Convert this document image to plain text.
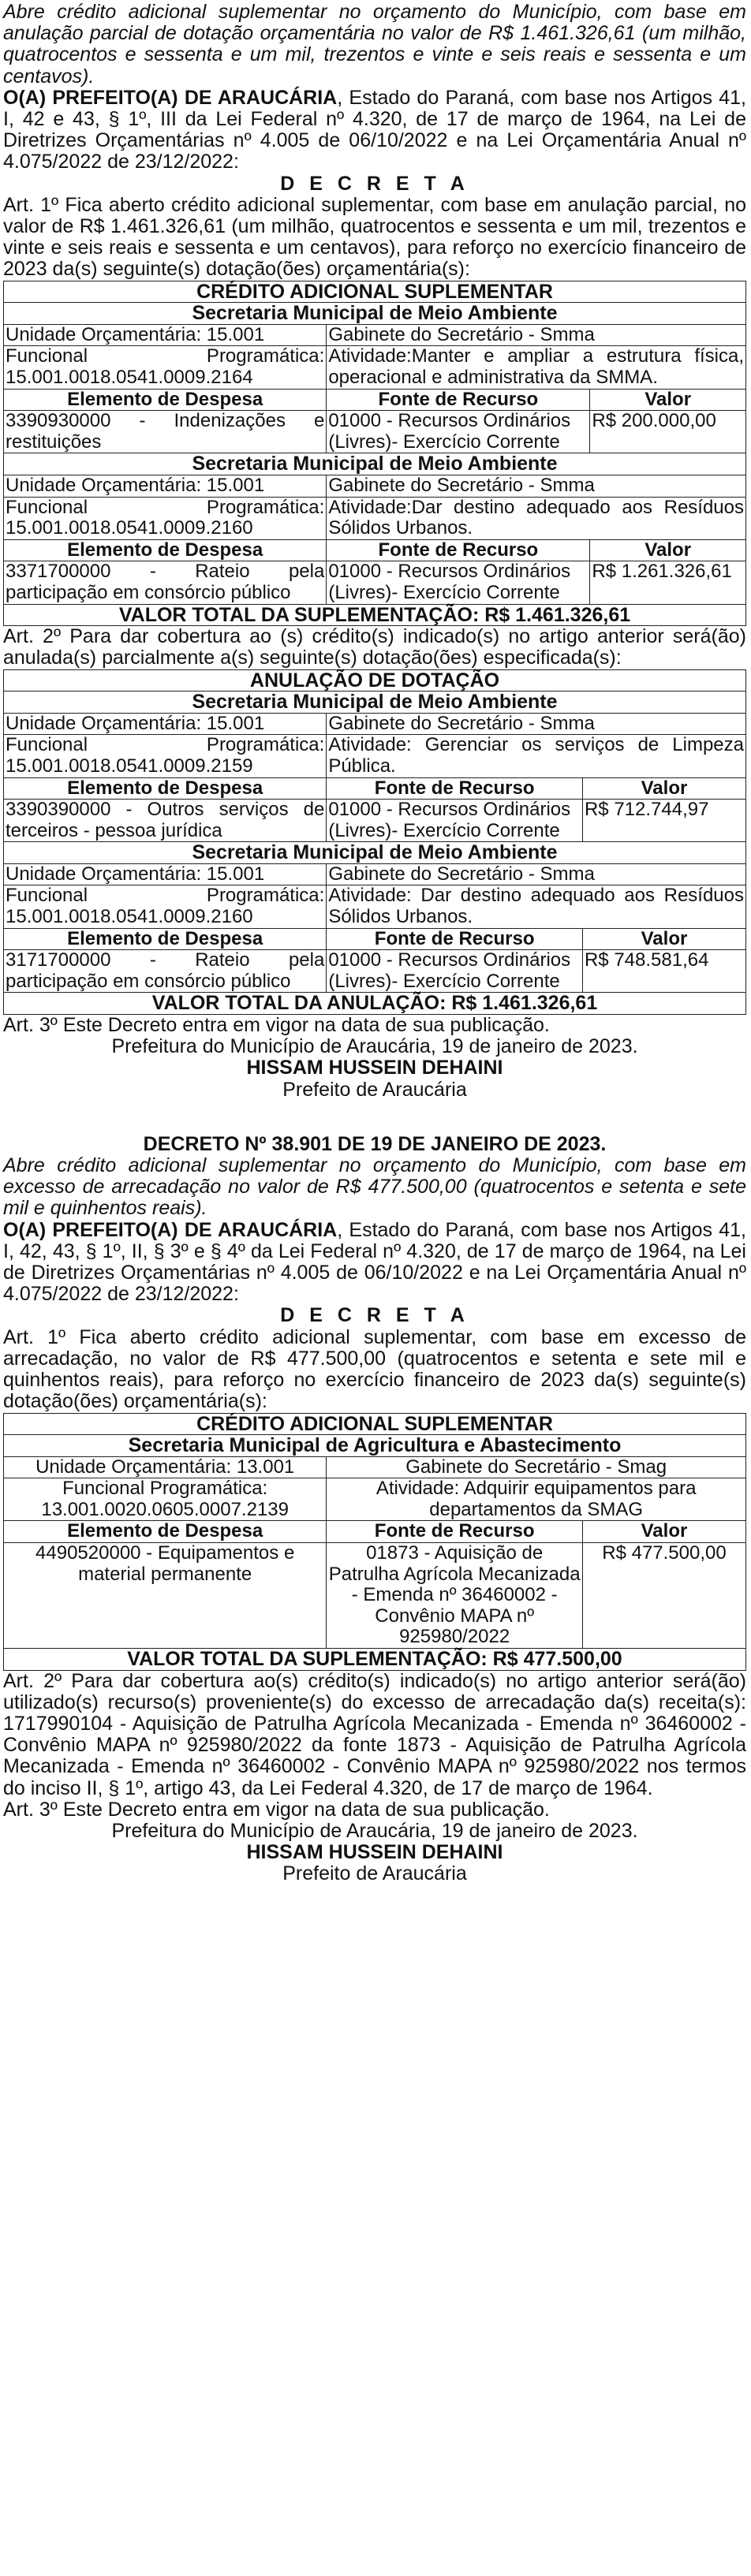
Abre crédito adicional suplementar no orçamento do Município, com base em anulação parcial de dotação orçamentária no valor de R$ 1.461.326,61 (um milhão, quatrocentos e sessenta e um mil, trezentos e vinte e seis reais e sessenta e um centavos).

O(A) PREFEITO(A) DE ARAUCÁRIA, Estado do Paraná, com base nos Artigos 41, I, 42 e 43, § 1º, III da Lei Federal nº 4.320, de 17 de março de 1964, na Lei de Diretrizes Orçamentárias nº 4.005 de 06/10/2022 e na Lei Orçamentária Anual nº 4.075/2022 de 23/12/2022:

D E C R E T A

Art. 1º Fica aberto crédito adicional suplementar, com base em anulação parcial, no valor de R$ 1.461.326,61 (um milhão, quatrocentos e sessenta e um mil, trezentos e vinte e seis reais e sessenta e um centavos), para reforço no exercício financeiro de 2023 da(s) seguinte(s) dotação(ões) orçamentária(s):

CRÉDITO ADICIONAL SUPLEMENTAR		
Secretaria Municipal de Meio Ambiente		
Unidade Orçamentária: 15.001	Gabinete do Secretário - Smma	
Funcional Programática: 15.001.0018.0541.0009.2164	Atividade:Manter e ampliar a estrutura física, operacional e administrativa da SMMA.	
Elemento de Despesa	Fonte de Recurso	Valor
3390930000 - Indenizações e restituições	01000 - Recursos Ordinários (Livres)- Exercício Corrente	R$ 200.000,00
Secretaria Municipal de Meio Ambiente		
Unidade Orçamentária: 15.001	Gabinete do Secretário - Smma	
Funcional Programática: 15.001.0018.0541.0009.2160	Atividade:Dar destino adequado aos Resíduos Sólidos Urbanos.	
Elemento de Despesa	Fonte de Recurso	Valor
3371700000 - Rateio pela participação em consórcio público	01000 - Recursos Ordinários (Livres)- Exercício Corrente	R$ 1.261.326,61
VALOR TOTAL DA SUPLEMENTAÇÃO: R$ 1.461.326,61		

Art. 2º Para dar cobertura ao (s) crédito(s) indicado(s) no artigo anterior será(ão) anulada(s) parcialmente a(s) seguinte(s) dotação(ões) especificada(s):

ANULAÇÃO DE DOTAÇÃO		
Secretaria Municipal de Meio Ambiente		
Unidade Orçamentária: 15.001	Gabinete do Secretário - Smma	
Funcional Programática: 15.001.0018.0541.0009.2159	Atividade: Gerenciar os serviços de Limpeza Pública.	
Elemento de Despesa	Fonte de Recurso	Valor
3390390000 - Outros serviços de terceiros - pessoa jurídica	01000 - Recursos Ordinários (Livres)- Exercício Corrente	R$ 712.744,97
Secretaria Municipal de Meio Ambiente		
Unidade Orçamentária: 15.001	Gabinete do Secretário - Smma	
Funcional Programática: 15.001.0018.0541.0009.2160	Atividade: Dar destino adequado aos Resíduos Sólidos Urbanos.	
Elemento de Despesa	Fonte de Recurso	Valor
3171700000 - Rateio pela participação em consórcio público	01000 - Recursos Ordinários (Livres)- Exercício Corrente	R$ 748.581,64
VALOR TOTAL DA ANULAÇÃO: R$ 1.461.326,61		

Art. 3º Este Decreto entra em vigor na data de sua publicação.

Prefeitura do Município de Araucária, 19 de janeiro de 2023.

HISSAM HUSSEIN DEHAINI

Prefeito de Araucária

DECRETO Nº 38.901 DE 19 DE JANEIRO DE 2023.

Abre crédito adicional suplementar no orçamento do Município, com base em excesso de arrecadação no valor de R$ 477.500,00 (quatrocentos e setenta e sete mil e quinhentos reais).

O(A) PREFEITO(A) DE ARAUCÁRIA, Estado do Paraná, com base nos Artigos 41, I, 42, 43, § 1º, II, § 3º e § 4º da Lei Federal nº 4.320, de 17 de março de 1964, na Lei de Diretrizes Orçamentárias nº 4.005 de 06/10/2022 e na Lei Orçamentária Anual nº 4.075/2022 de 23/12/2022:

D E C R E T A

Art. 1º Fica aberto crédito adicional suplementar, com base em excesso de arrecadação, no valor de R$ 477.500,00 (quatrocentos e setenta e sete mil e quinhentos reais), para reforço no exercício financeiro de 2023 da(s) seguinte(s) dotação(ões) orçamentária(s):

CRÉDITO ADICIONAL SUPLEMENTAR		
Secretaria Municipal de Agricultura e Abastecimento		
Unidade Orçamentária: 13.001	Gabinete do Secretário - Smag	
Funcional Programática: 13.001.0020.0605.0007.2139	Atividade: Adquirir equipamentos para departamentos da SMAG	
Elemento de Despesa	Fonte de Recurso	Valor
4490520000 - Equipamentos e material permanente	01873 - Aquisição de Patrulha Agrícola Mecanizada - Emenda nº 36460002 - Convênio MAPA nº 925980/2022	R$ 477.500,00
VALOR TOTAL DA SUPLEMENTAÇÃO: R$ 477.500,00		

Art. 2º Para dar cobertura ao(s) crédito(s) indicado(s) no artigo anterior será(ão) utilizado(s) recurso(s) proveniente(s) do excesso de arrecadação da(s) receita(s): 1717990104 - Aquisição de Patrulha Agrícola Mecanizada - Emenda nº 36460002 - Convênio MAPA nº 925980/2022 da fonte 1873 - Aquisição de Patrulha Agrícola Mecanizada - Emenda nº 36460002 - Convênio MAPA nº 925980/2022 nos termos do inciso II, § 1º, artigo 43, da Lei Federal 4.320, de 17 de março de 1964.

Art. 3º Este Decreto entra em vigor na data de sua publicação.

Prefeitura do Município de Araucária, 19 de janeiro de 2023.

HISSAM HUSSEIN DEHAINI

Prefeito de Araucária
